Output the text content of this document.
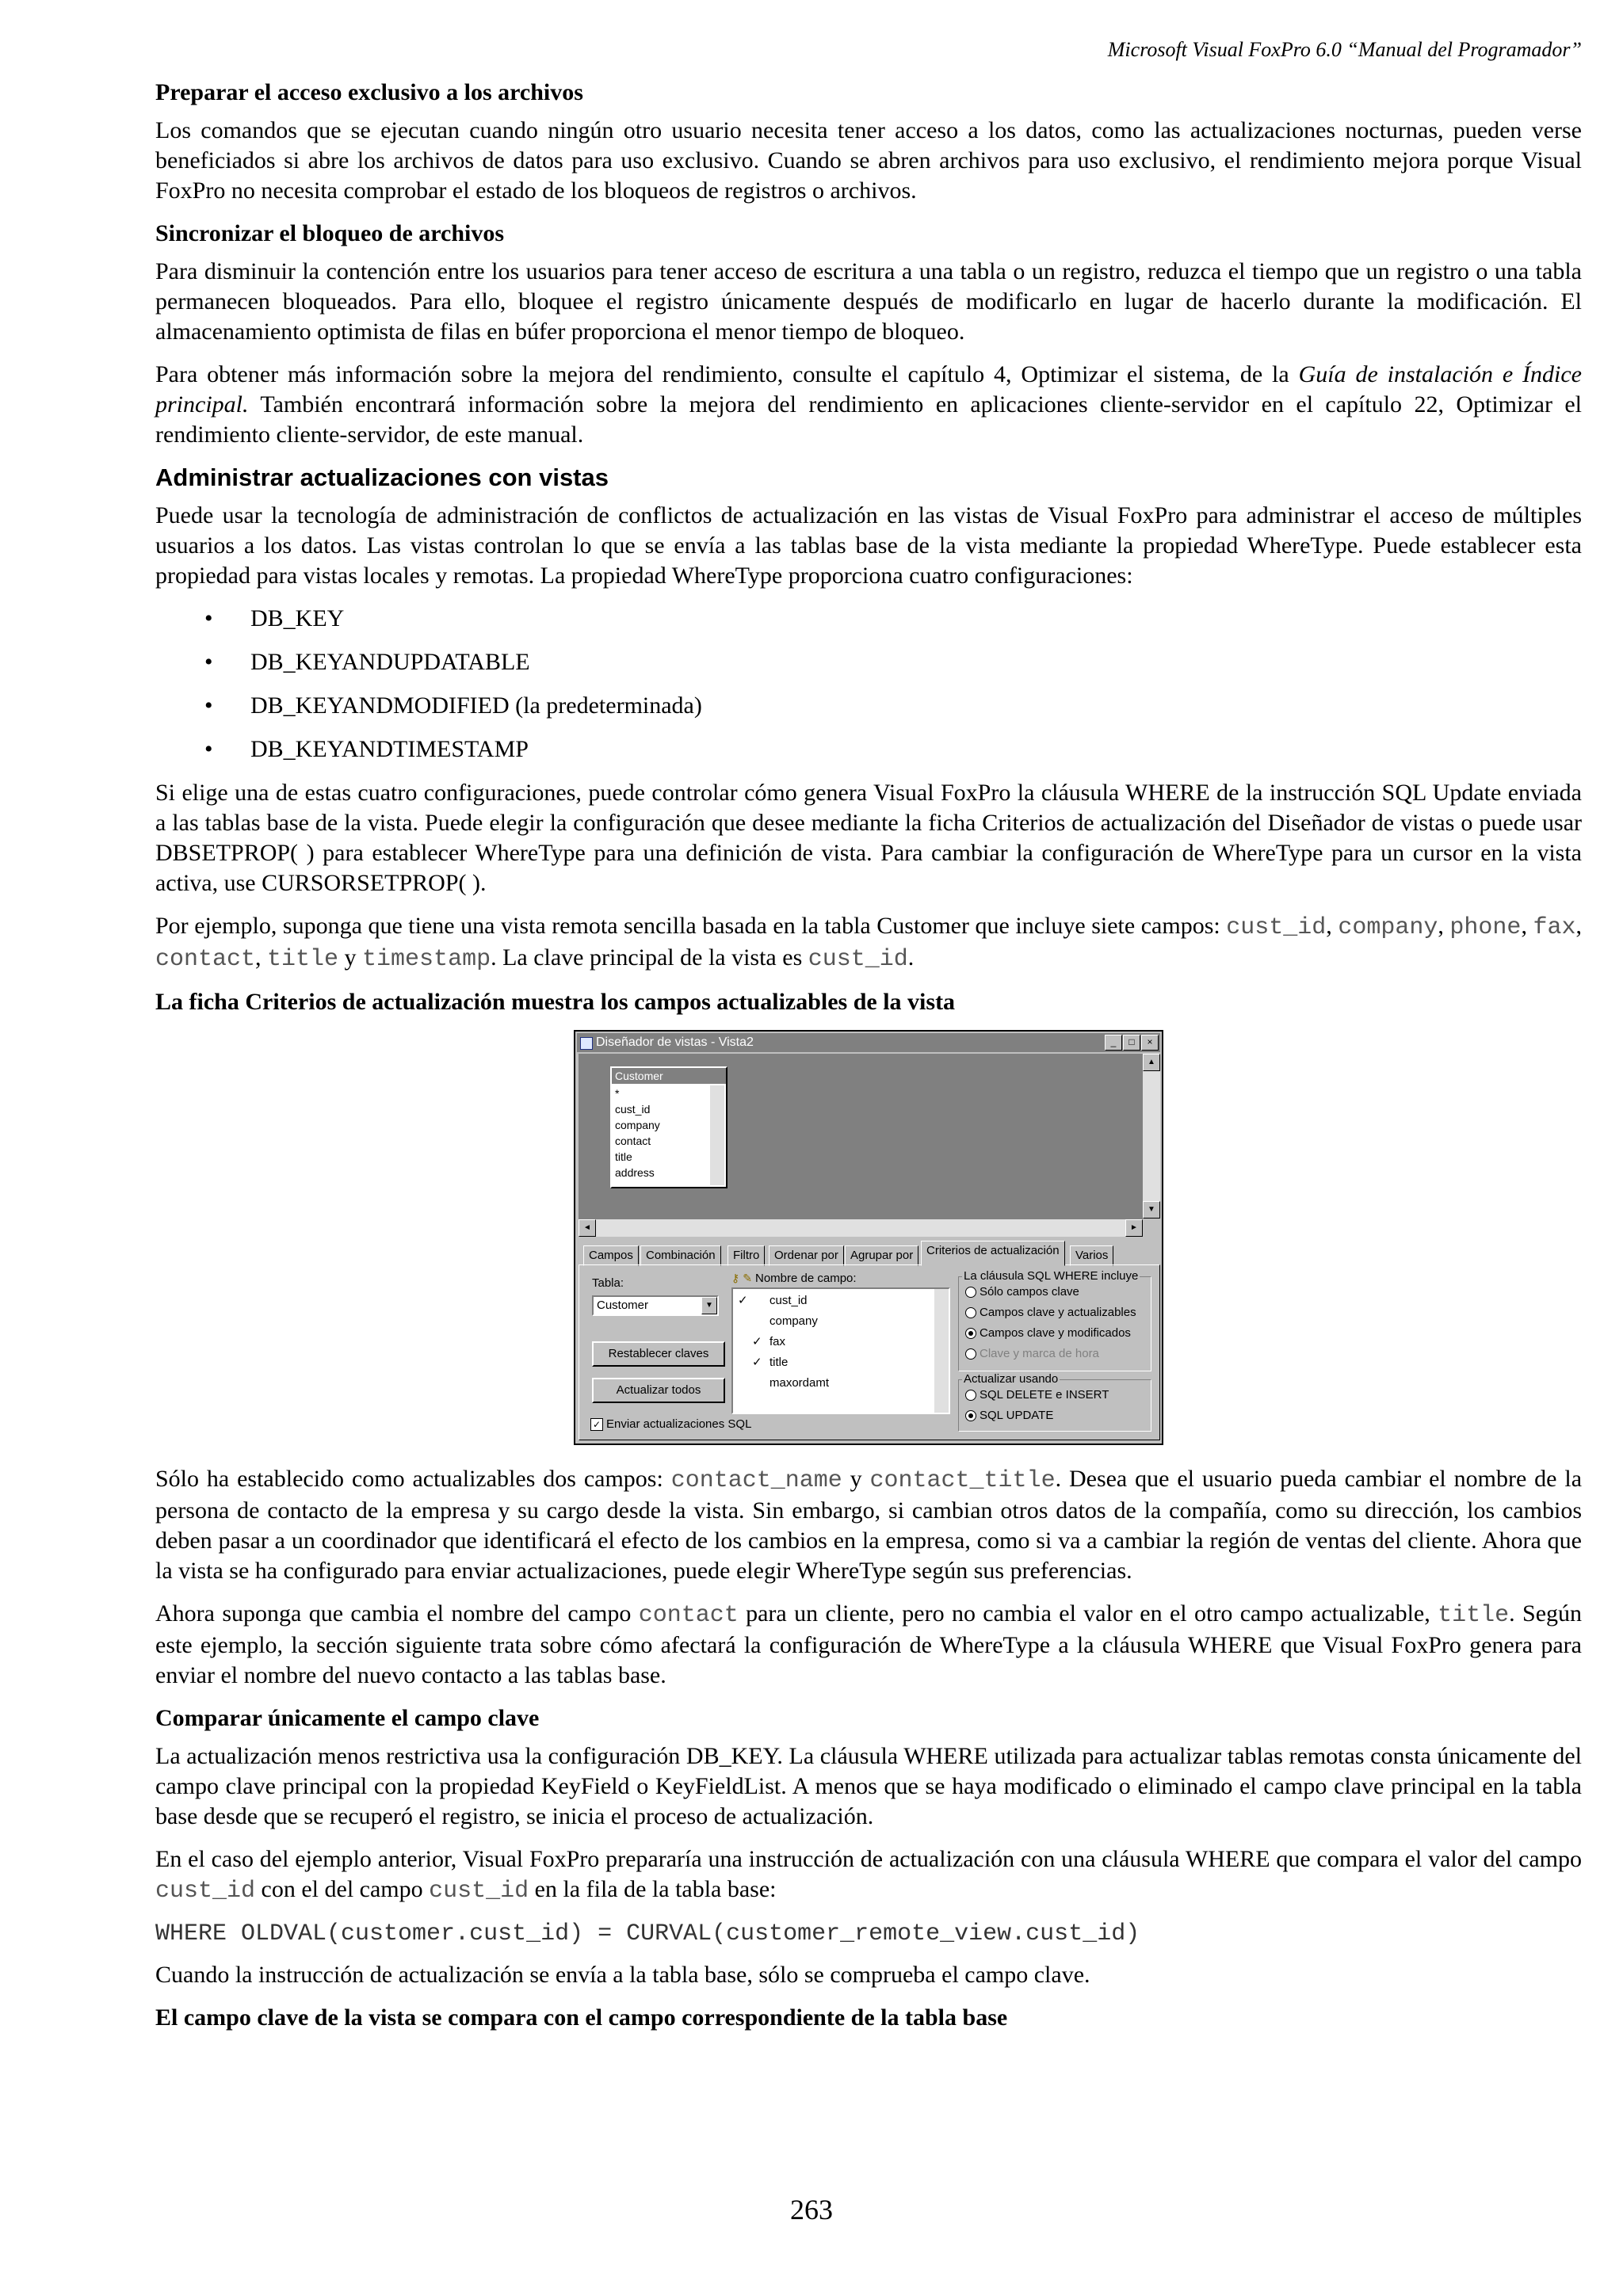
Microsoft Visual FoxPro 6.0 “Manual del Programador”
Preparar el acceso exclusivo a los archivos

Los comandos que se ejecutan cuando ningún otro usuario necesita tener acceso a los datos, como las actualizaciones nocturnas, pueden verse beneficiados si abre los archivos de datos para uso exclusivo. Cuando se abren archivos para uso exclusivo, el rendimiento mejora porque Visual FoxPro no necesita comprobar el estado de los bloqueos de registros o archivos.

Sincronizar el bloqueo de archivos

Para disminuir la contención entre los usuarios para tener acceso de escritura a una tabla o un registro, reduzca el tiempo que un registro o una tabla permanecen bloqueados. Para ello, bloquee el registro únicamente después de modificarlo en lugar de hacerlo durante la modificación. El almacenamiento optimista de filas en búfer proporciona el menor tiempo de bloqueo.

Para obtener más información sobre la mejora del rendimiento, consulte el capítulo 4, Optimizar el sistema, de la Guía de instalación e Índice principal. También encontrará información sobre la mejora del rendimiento en aplicaciones cliente-servidor en el capítulo 22, Optimizar el rendimiento cliente-servidor, de este manual.

Administrar actualizaciones con vistas

Puede usar la tecnología de administración de conflictos de actualización en las vistas de Visual FoxPro para administrar el acceso de múltiples usuarios a los datos. Las vistas controlan lo que se envía a las tablas base de la vista mediante la propiedad WhereType. Puede establecer esta propiedad para vistas locales y remotas. La propiedad WhereType proporciona cuatro configuraciones:

• DB_KEY
• DB_KEYANDUPDATABLE
• DB_KEYANDMODIFIED (la predeterminada)
• DB_KEYANDTIMESTAMP

Si elige una de estas cuatro configuraciones, puede controlar cómo genera Visual FoxPro la cláusula WHERE de la instrucción SQL Update enviada a las tablas base de la vista. Puede elegir la configuración que desee mediante la ficha Criterios de actualización del Diseñador de vistas o puede usar DBSETPROP( ) para establecer WhereType para una definición de vista. Para cambiar la configuración de WhereType para un cursor en la vista activa, use CURSORSETPROP( ).

Por ejemplo, suponga que tiene una vista remota sencilla basada en la tabla Customer que incluye siete campos: cust_id, company, phone, fax, contact, title y timestamp. La clave principal de la vista es cust_id.

La ficha Criterios de actualización muestra los campos actualizables de la vista
Diseñador de vistas - Vista2	_ □ ×
Customer
*
cust_id
company
contact
title
address
▲
▼
◄	►
Campos	Combinación	Filtro	Ordenar por	Agrupar por	Criterios de actualización	Varios
Tabla:
Customer	▼
Restablecer claves
Actualizar todos
✓ Enviar actualizaciones SQL
⚷ ✎ Nombre de campo:
✓	cust_id
company
✓ fax
✓ title
maxordamt
La cláusula SQL WHERE incluye
Sólo campos clave
Campos clave y actualizables
Campos clave y modificados
Clave y marca de hora
Actualizar usando
SQL DELETE e INSERT
SQL UPDATE

Sólo ha establecido como actualizables dos campos: contact_name y contact_title. Desea que el usuario pueda cambiar el nombre de la persona de contacto de la empresa y su cargo desde la vista. Sin embargo, si cambian otros datos de la compañía, como su dirección, los cambios deben pasar a un coordinador que identificará el efecto de los cambios en la empresa, como si va a cambiar la región de ventas del cliente. Ahora que la vista se ha configurado para enviar actualizaciones, puede elegir WhereType según sus preferencias.

Ahora suponga que cambia el nombre del campo contact para un cliente, pero no cambia el valor en el otro campo actualizable, title. Según este ejemplo, la sección siguiente trata sobre cómo afectará la configuración de WhereType a la cláusula WHERE que Visual FoxPro genera para enviar el nombre del nuevo contacto a las tablas base.

Comparar únicamente el campo clave

La actualización menos restrictiva usa la configuración DB_KEY. La cláusula WHERE utilizada para actualizar tablas remotas consta únicamente del campo clave principal con la propiedad KeyField o KeyFieldList. A menos que se haya modificado o eliminado el campo clave principal en la tabla base desde que se recuperó el registro, se inicia el proceso de actualización.

En el caso del ejemplo anterior, Visual FoxPro prepararía una instrucción de actualización con una cláusula WHERE que compara el valor del campo cust_id con el del campo cust_id en la fila de la tabla base:

WHERE OLDVAL(customer.cust_id) = CURVAL(customer_remote_view.cust_id)

Cuando la instrucción de actualización se envía a la tabla base, sólo se comprueba el campo clave.

El campo clave de la vista se compara con el campo correspondiente de la tabla base
263
